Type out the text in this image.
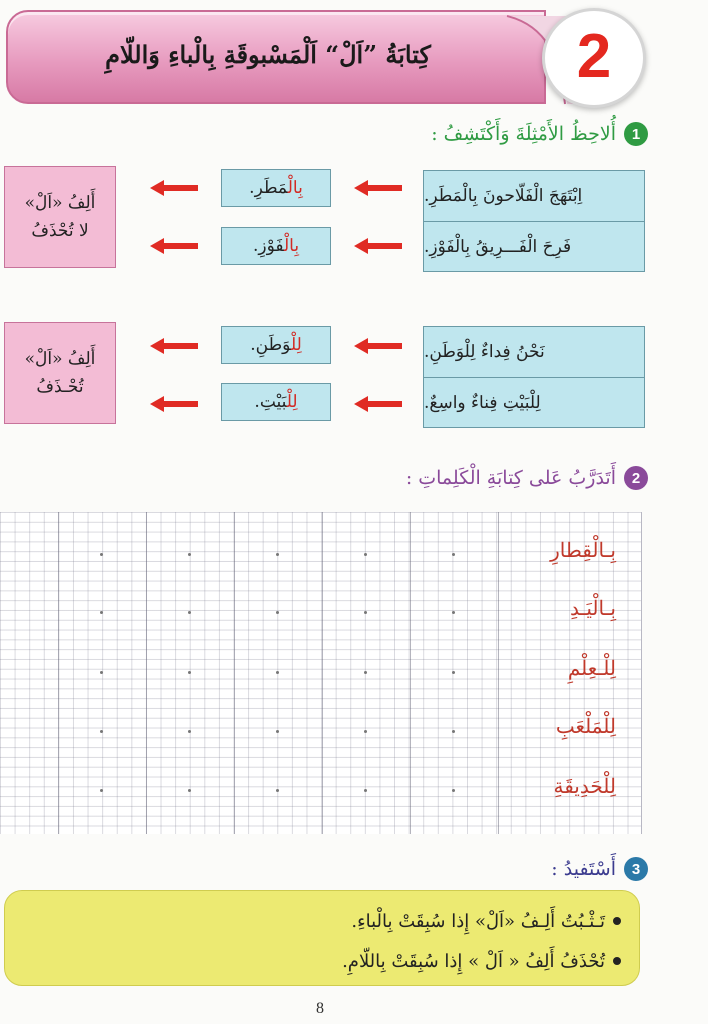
كِتابَةُ ”اَلْ“ اَلْمَسْبوقَةِ بِالْباءِ وَاللّامِ	2
1
أُلاحِظُ الأَمْثِلَةَ وَأَكْتَشِفُ :
اِبْتَهَجَ الْفَلّاحونَ بِالْمَطَرِ.
فَرِحَ الْفَـــرِيقُ بِالْفَوْزِ.
بِالْمَطَرِ.
بِالْفَوْزِ.
أَلِفُ «اَلْ»
لا تُحْذَفُ
نَحْنُ فِداءٌ لِلْوَطَنِ.
لِلْبَيْتِ فِناءٌ واسِعٌ.
لِلْوَطَنِ.
لِلْبَيْتِ.
أَلِفُ «اَلْ»
تُحْـذَفُ
2
أَتَدَرَّبُ عَلى كِتابَةِ الْكَلِماتِ :
بِـالْقِطارِ
بِـالْيَـدِ
لِلْـعِلْمِ
لِلْمَلْعَبِ
لِلْحَدِيقَةِ
3
أَسْتَفيدُ :
تَـثْـبُتُ أَلِـفُ «اَلْ» إِذا سُبِقَتْ بِالْباءِ.
تُحْذَفُ أَلِفُ « اَلْ » إِذا سُبِقَتْ بِاللّامِ.
8
